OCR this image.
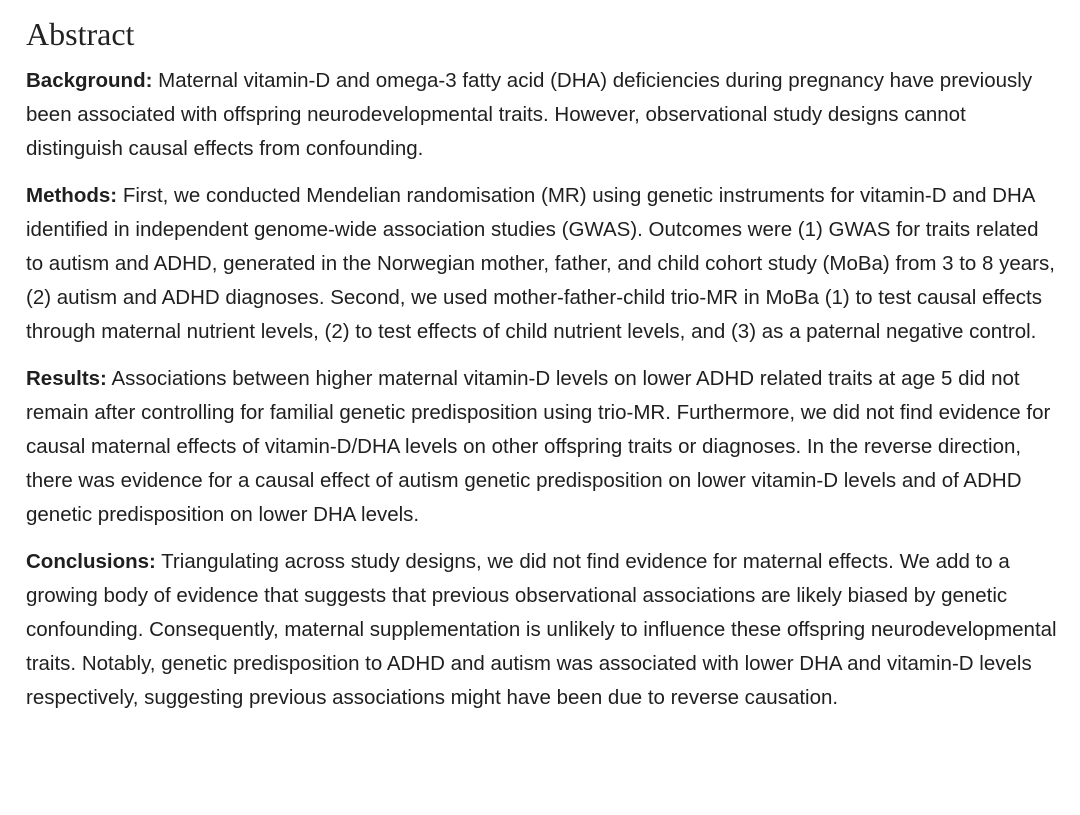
Abstract

Background: Maternal vitamin-D and omega-3 fatty acid (DHA) deficiencies during pregnancy have previously been associated with offspring neurodevelopmental traits. However, observational study designs cannot distinguish causal effects from confounding.

Methods: First, we conducted Mendelian randomisation (MR) using genetic instruments for vitamin-D and DHA identified in independent genome-wide association studies (GWAS). Outcomes were (1) GWAS for traits related to autism and ADHD, generated in the Norwegian mother, father, and child cohort study (MoBa) from 3 to 8 years, (2) autism and ADHD diagnoses. Second, we used mother-father-child trio-MR in MoBa (1) to test causal effects through maternal nutrient levels, (2) to test effects of child nutrient levels, and (3) as a paternal negative control.

Results: Associations between higher maternal vitamin-D levels on lower ADHD related traits at age 5 did not remain after controlling for familial genetic predisposition using trio-MR. Furthermore, we did not find evidence for causal maternal effects of vitamin-D/DHA levels on other offspring traits or diagnoses. In the reverse direction, there was evidence for a causal effect of autism genetic predisposition on lower vitamin-D levels and of ADHD genetic predisposition on lower DHA levels.

Conclusions: Triangulating across study designs, we did not find evidence for maternal effects. We add to a growing body of evidence that suggests that previous observational associations are likely biased by genetic confounding. Consequently, maternal supplementation is unlikely to influence these offspring neurodevelopmental traits. Notably, genetic predisposition to ADHD and autism was associated with lower DHA and vitamin-D levels respectively, suggesting previous associations might have been due to reverse causation.
